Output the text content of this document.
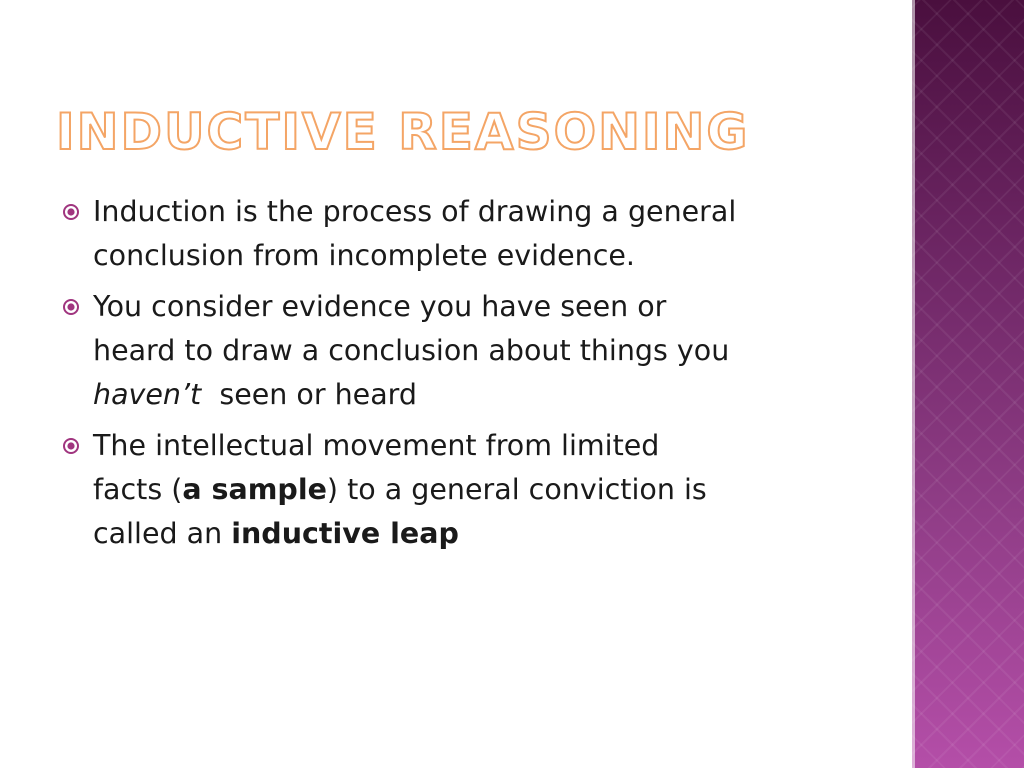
INDUCTIVE REASONING
Induction is the process of drawing a general
conclusion from incomplete evidence.
You consider evidence you have seen or
heard to draw a conclusion about things you
haven’t  seen or heard
The intellectual movement from limited
facts (a sample) to a general conviction is
called an inductive leap
